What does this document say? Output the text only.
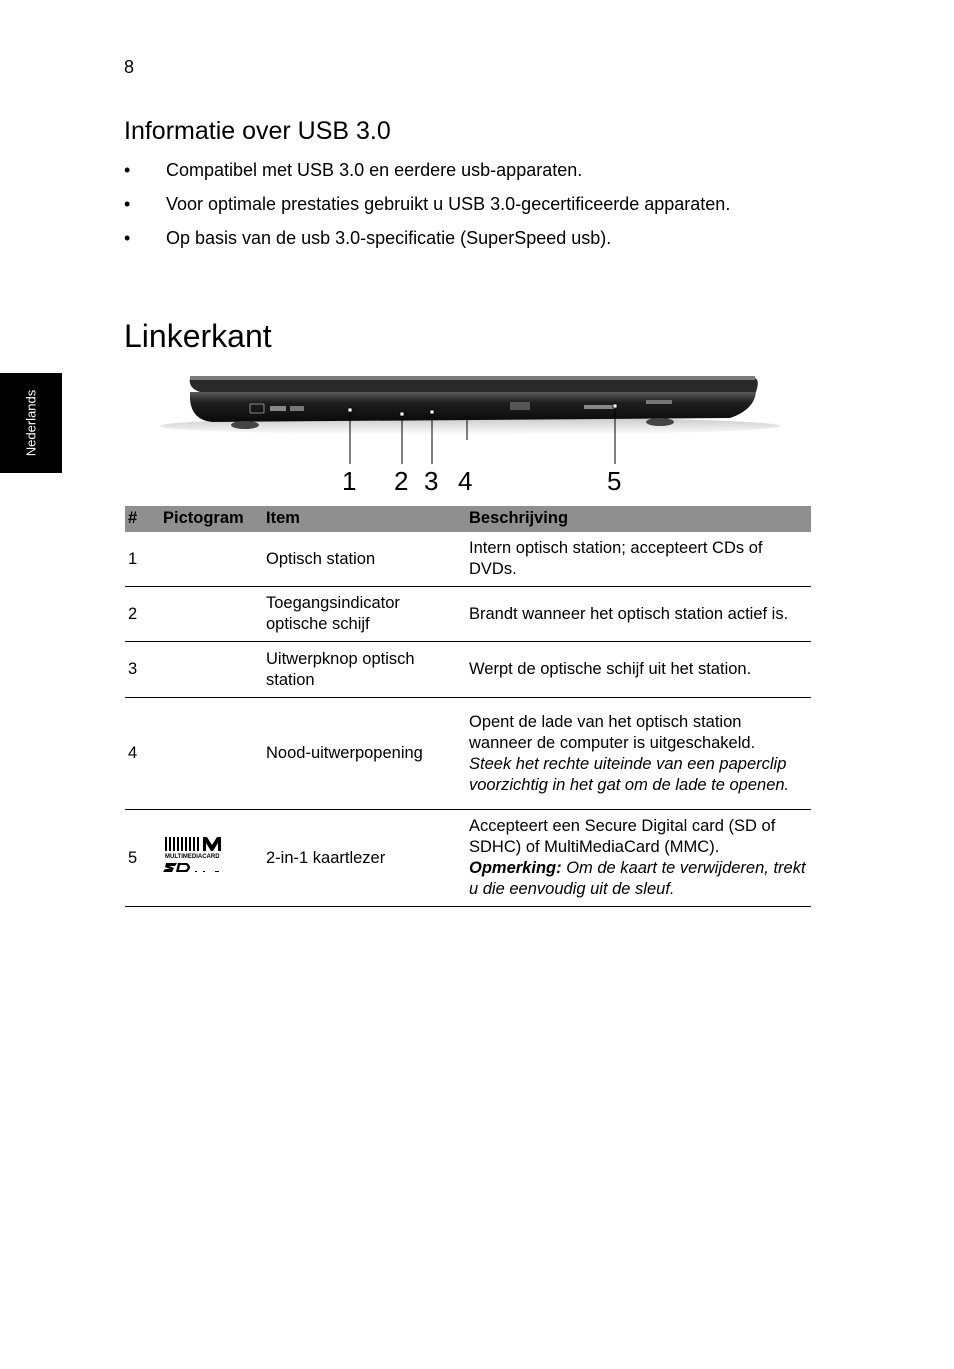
8
Nederlands
Informatie over USB 3.0
• Compatibel met USB 3.0 en eerdere usb-apparaten.
• Voor optimale prestaties gebruikt u USB 3.0-gecertificeerde apparaten.
• Op basis van de usb 3.0-specificatie (SuperSpeed usb).
Linkerkant
1 2 3 4	5
#	Pictogram	Item	Beschrijving
1		Optisch station	Intern optisch station; accepteert CDs of DVDs.
2		Toegangsindicator optische schijf	Brandt wanneer het optisch station actief is.
3		Uitwerpknop optisch station	Werpt de optische schijf uit het station.
4		Nood-uitwerpopening	Opent de lade van het optisch station wanneer de computer is uitgeschakeld.
Steek het rechte uiteinde van een paperclip voorzichtig in het gat om de lade te openen.

5	MULTIMEDIACARD	2-in-1 kaartlezer	Accepteert een Secure Digital card (SD of SDHC) of MultiMediaCard (MMC).
Opmerking: Om de kaart te verwijderen, trekt u die eenvoudig uit de sleuf.
